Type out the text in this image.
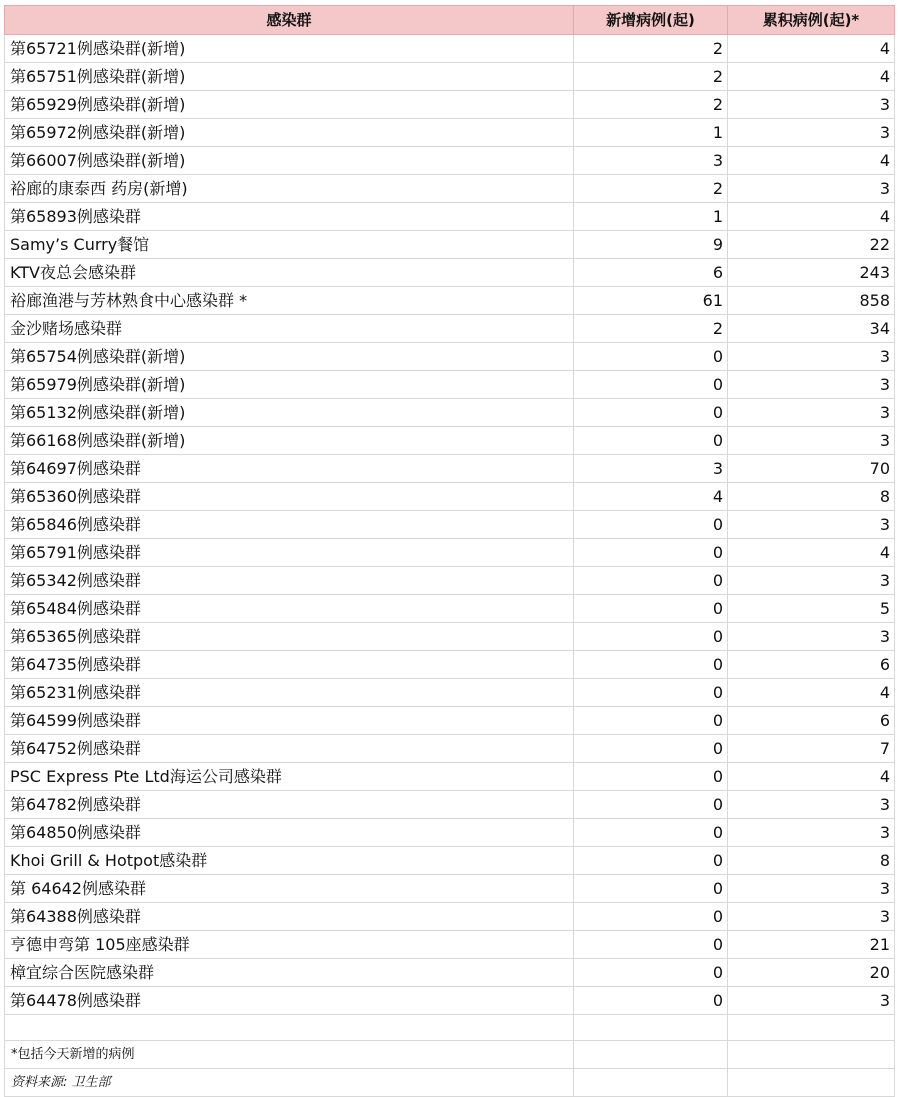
感染群	新增病例(起)	累积病例(起)*
第65721例感染群(新增)	2	4
第65751例感染群(新增)	2	4
第65929例感染群(新增)	2	3
第65972例感染群(新增)	1	3
第66007例感染群(新增)	3	4
裕廊的康泰西 药房(新增)	2	3
第65893例感染群	1	4
Samy’s Curry餐馆	9	22
KTV夜总会感染群	6	243
裕廊渔港与芳林熟食中心感染群 *	61	858
金沙赌场感染群	2	34
第65754例感染群(新增)	0	3
第65979例感染群(新增)	0	3
第65132例感染群(新增)	0	3
第66168例感染群(新增)	0	3
第64697例感染群	3	70
第65360例感染群	4	8
第65846例感染群	0	3
第65791例感染群	0	4
第65342例感染群	0	3
第65484例感染群	0	5
第65365例感染群	0	3
第64735例感染群	0	6
第65231例感染群	0	4
第64599例感染群	0	6
第64752例感染群	0	7
PSC Express Pte Ltd海运公司感染群	0	4
第64782例感染群	0	3
第64850例感染群	0	3
Khoi Grill & Hotpot感染群	0	8
第 64642例感染群	0	3
第64388例感染群	0	3
亨德申弯第 105座感染群	0	21
樟宜综合医院感染群	0	20
第64478例感染群	0	3

*包括今天新增的病例		
资料来源: 卫生部		
